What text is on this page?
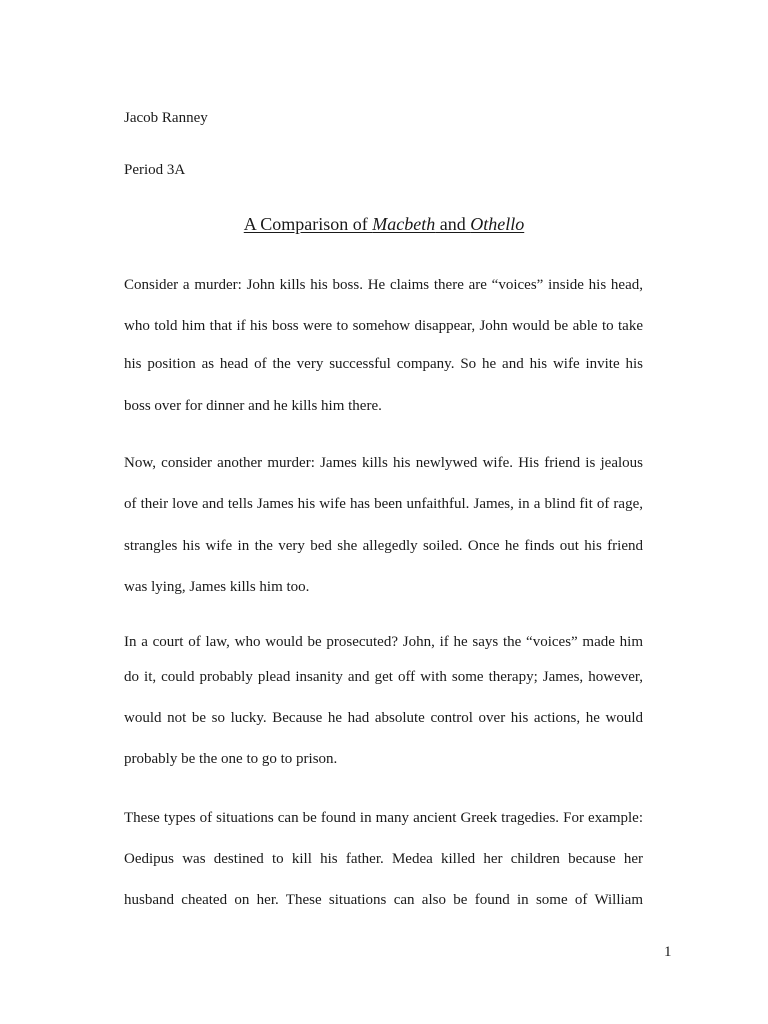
Jacob Ranney
Period 3A
A Comparison of Macbeth and Othello
Consider a murder: John kills his boss. He claims there are “voices” inside his head,
who told him that if his boss were to somehow disappear, John would be able to take
his position as head of the very successful company. So he and his wife invite his
boss over for dinner and he kills him there.
Now, consider another murder: James kills his newlywed wife. His friend is jealous
of their love and tells James his wife has been unfaithful. James, in a blind fit of rage,
strangles his wife in the very bed she allegedly soiled. Once he finds out his friend
was lying, James kills him too.
In a court of law, who would be prosecuted? John, if he says the “voices” made him
do it, could probably plead insanity and get off with some therapy; James, however,
would not be so lucky. Because he had absolute control over his actions, he would
probably be the one to go to prison.
These types of situations can be found in many ancient Greek tragedies. For example:
Oedipus was destined to kill his father. Medea killed her children because her
husband cheated on her. These situations can also be found in some of William
1
